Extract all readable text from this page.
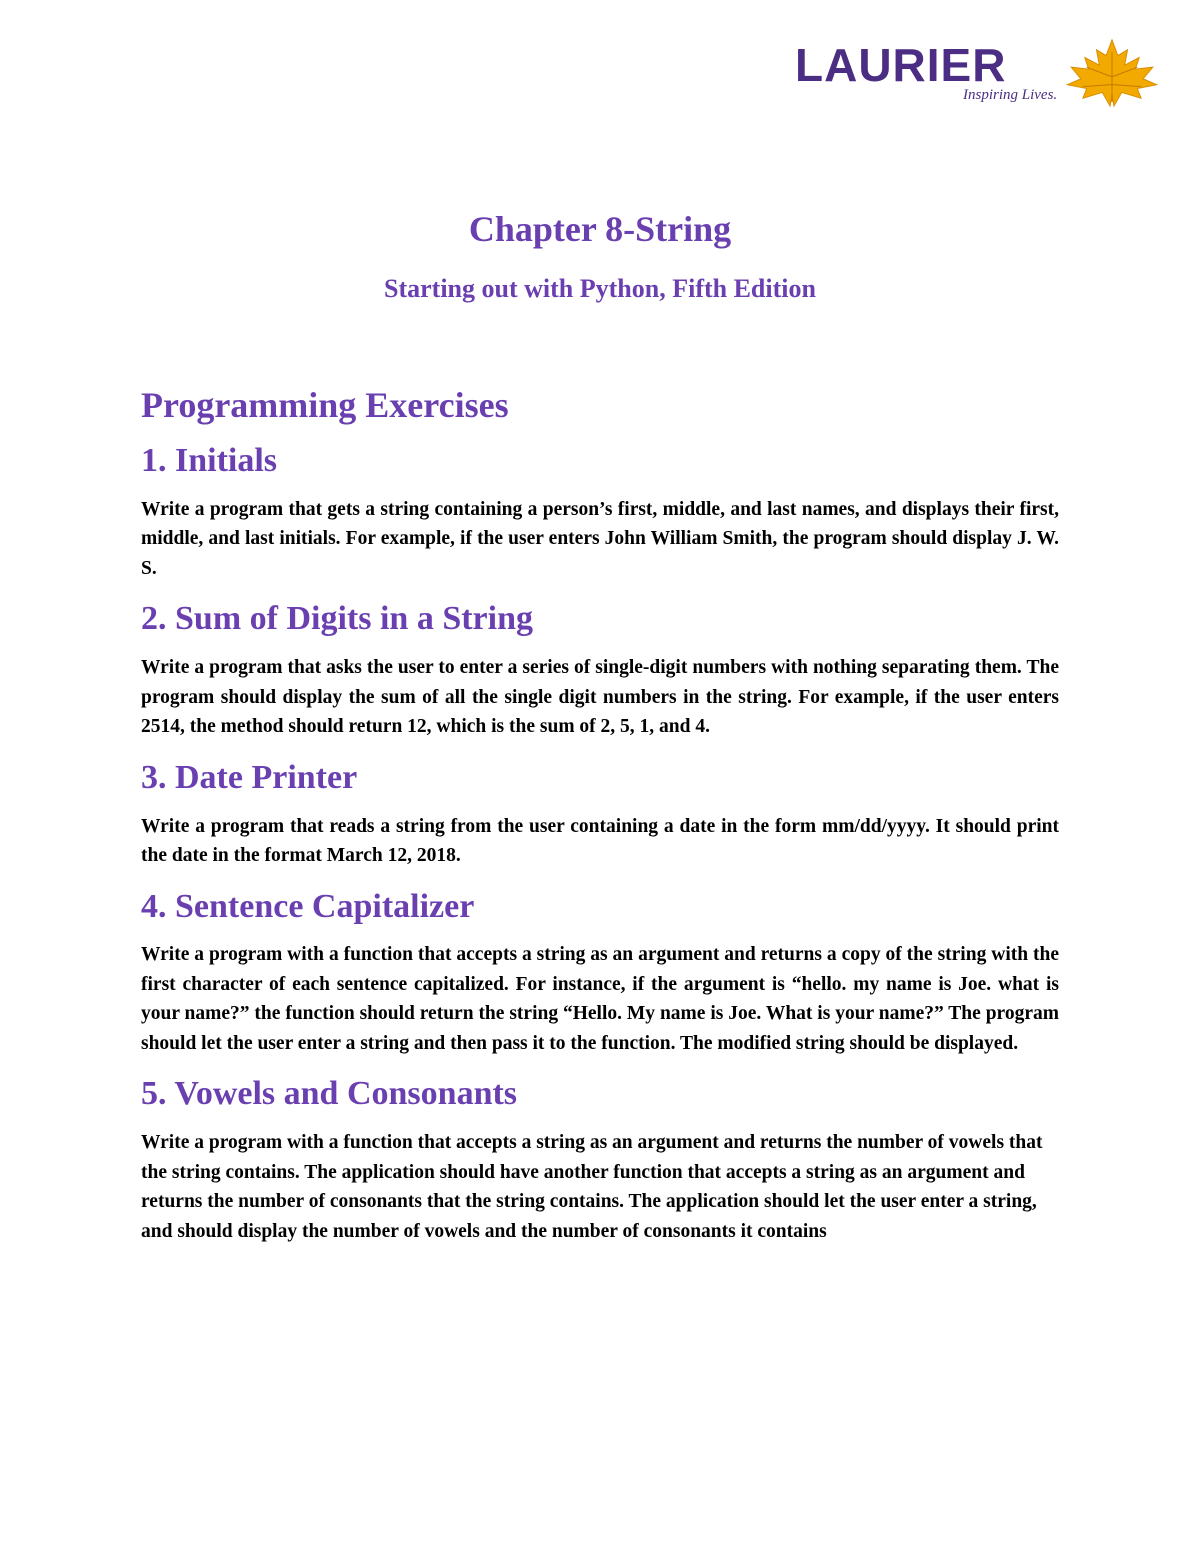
LAURIER
Inspiring Lives.
Chapter 8-String
Starting out with Python, Fifth Edition
Programming Exercises
1. Initials

Write a program that gets a string containing a person’s first, middle, and last names, and displays their first, middle, and last initials. For example, if the user enters John William Smith, the program should display J. W. S.

2. Sum of Digits in a String

Write a program that asks the user to enter a series of single-digit numbers with nothing separating them. The program should display the sum of all the single digit numbers in the string. For example, if the user enters 2514, the method should return 12, which is the sum of 2, 5, 1, and 4.

3. Date Printer

Write a program that reads a string from the user containing a date in the form mm/dd/yyyy. It should print the date in the format March 12, 2018.

4. Sentence Capitalizer

Write a program with a function that accepts a string as an argument and returns a copy of the string with the first character of each sentence capitalized. For instance, if the argument is “hello. my name is Joe. what is your name?” the function should return the string “Hello. My name is Joe. What is your name?” The program should let the user enter a string and then pass it to the function. The modified string should be displayed.

5. Vowels and Consonants

Write a program with a function that accepts a string as an argument and returns the number of vowels that the string contains. The application should have another function that accepts a string as an argument and returns the number of consonants that the string contains. The application should let the user enter a string, and should display the number of vowels and the number of consonants it contains
